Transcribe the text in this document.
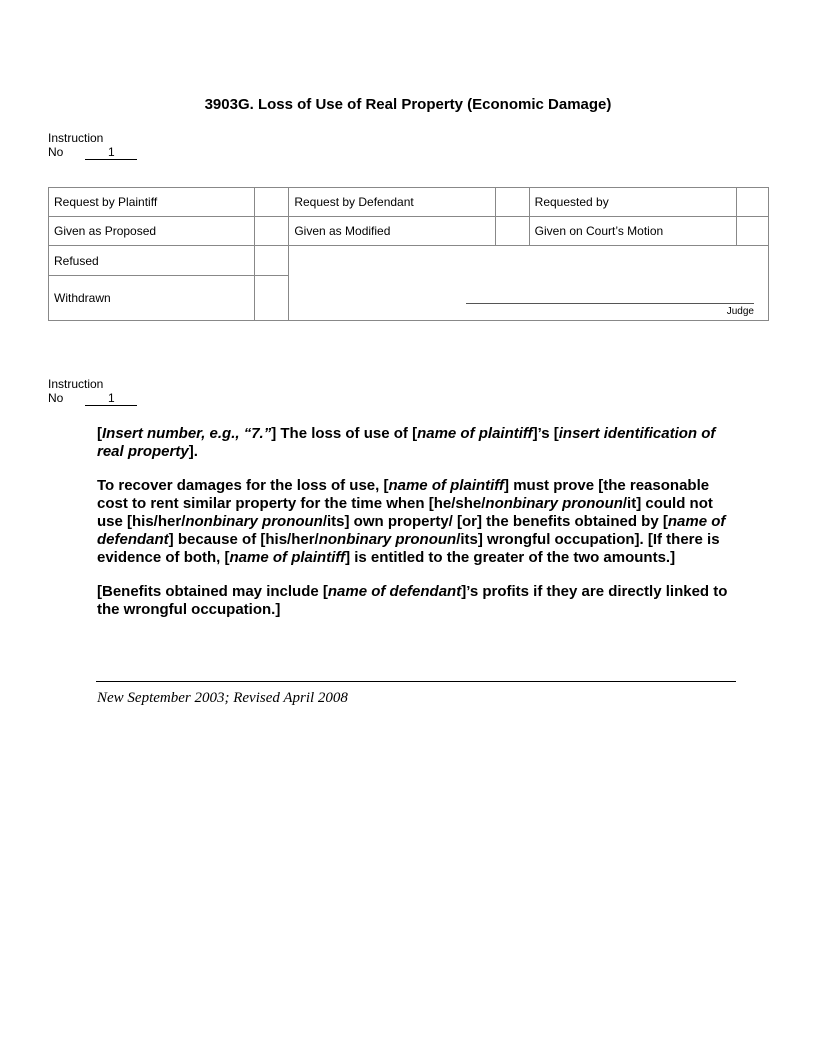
3903G. Loss of Use of Real Property (Economic Damage)
Instruction
No	1
Request by Plaintiff		Request by Defendant		Requested by	
Given as Proposed		Given as Modified		Given on Court’s Motion	
Refused		Judge			

Withdrawn					
Instruction
No	1

[Insert number, e.g., “7.”] The loss of use of [name of plaintiff]’s [insert identification of real property].

To recover damages for the loss of use, [name of plaintiff] must prove [the reasonable cost to rent similar property for the time when [he/she/nonbinary pronoun/it] could not use [his/her/nonbinary pronoun/its] own property/ [or] the benefits obtained by [name of defendant] because of [his/her/nonbinary pronoun/its] wrongful occupation]. [If there is evidence of both, [name of plaintiff] is entitled to the greater of the two amounts.]

[Benefits obtained may include [name of defendant]’s profits if they are directly linked to the wrongful occupation.]

New September 2003; Revised April 2008
